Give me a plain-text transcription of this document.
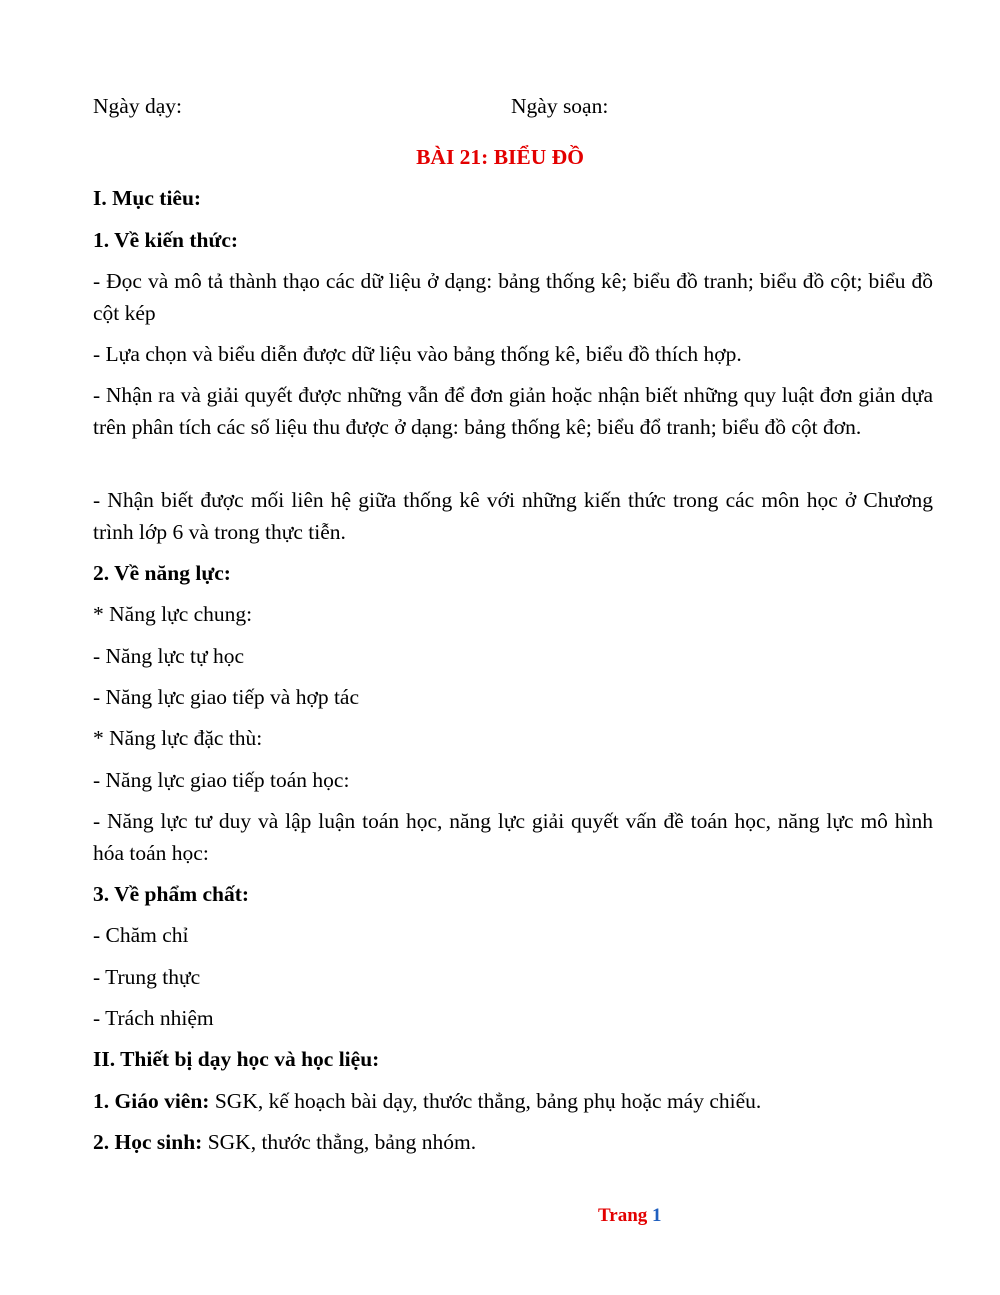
Ngày dạy:	Ngày soạn:
BÀI 21: BIỂU ĐỒ
I. Mục tiêu:
1. Về kiến thức:
- Đọc và mô tả thành thạo các dữ liệu ở dạng: bảng thống kê; biểu đồ tranh; biểu đồ cột; biểu đồ cột kép
- Lựa chọn và biểu diễn được dữ liệu vào bảng thống kê, biểu đồ thích hợp.
- Nhận ra và giải quyết được những vẫn để đơn giản hoặc nhận biết những quy luật đơn giản dựa trên phân tích các số liệu thu được ở dạng: bảng thống kê; biểu đổ tranh; biểu đồ cột đơn.
- Nhận biết được mối liên hệ giữa thống kê với những kiến thức trong các môn học ở Chương trình lớp 6 và trong thực tiễn.
2. Về năng lực:
* Năng lực chung:
- Năng lực tự học
- Năng lực giao tiếp và hợp tác
* Năng lực đặc thù:
- Năng lực giao tiếp toán học:
- Năng lực tư duy và lập luận toán học, năng lực giải quyết vấn đề toán học, năng lực mô hình hóa toán học:
3. Về phẩm chất:
- Chăm chỉ
- Trung thực
- Trách nhiệm
II. Thiết bị dạy học và học liệu:
1. Giáo viên: SGK, kế hoạch bài dạy, thước thẳng, bảng phụ hoặc máy chiếu.
2. Học sinh: SGK, thước thẳng, bảng nhóm.
Trang 1
